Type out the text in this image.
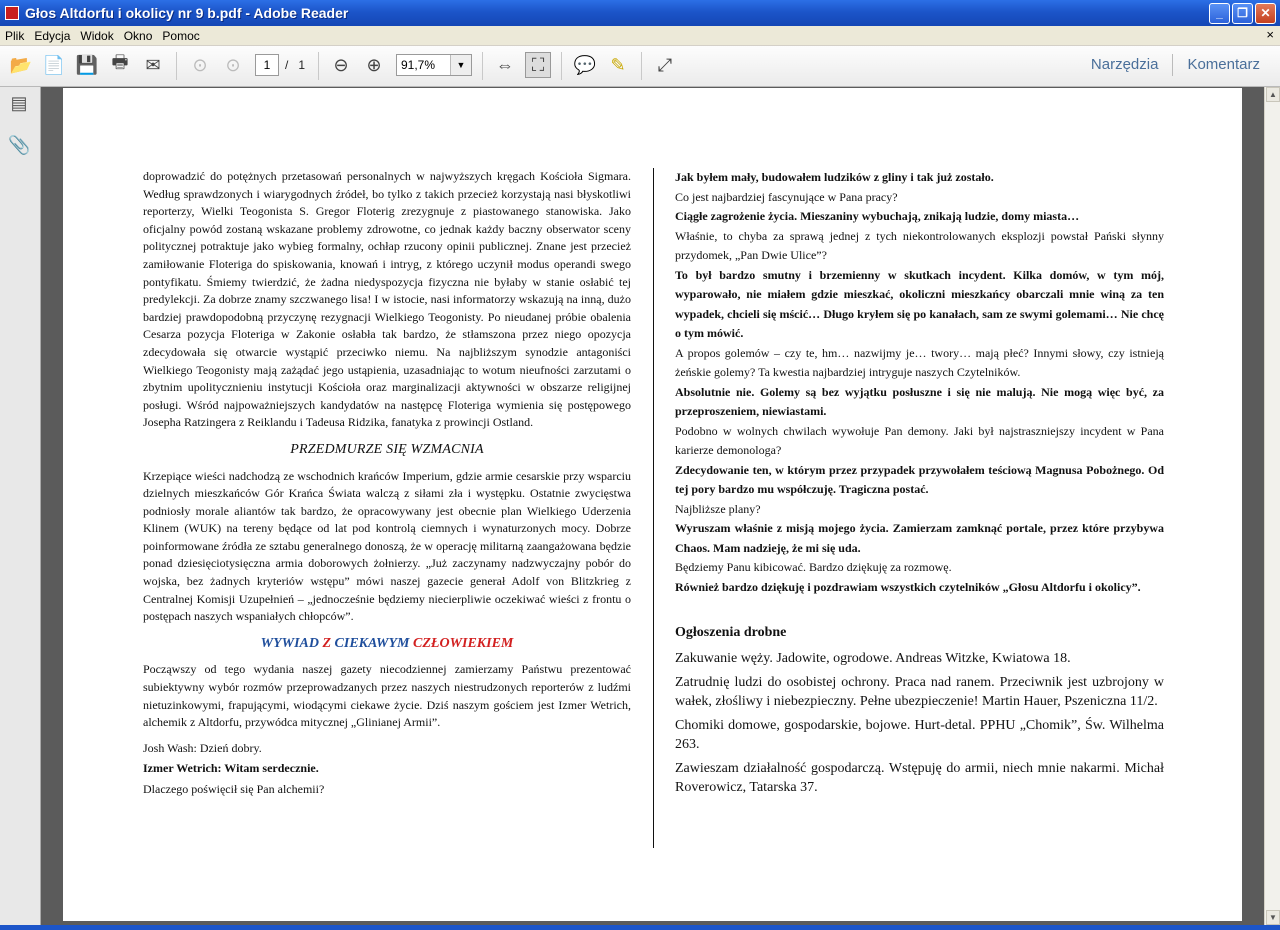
Głos Altdorfu i okolicy nr 9 b.pdf - Adobe Reader	_	❐	✕
Plik Edycja Widok Okno Pomoc	×
📂 📄 💾 🖶 ✉	⊙ ⊙	1	/ 1	⊖ ⊕	91,7%	▼	⇔ ⛶	💬 ✎	⤢	Narzędzia	Komentarz
▤
📎

doprowadzić do potężnych przetasowań personalnych w najwyższych kręgach Kościoła Sigmara. Według sprawdzonych i wiarygodnych źródeł, bo tylko z takich przecież korzystają nasi błyskotliwi reporterzy, Wielki Teogonista S. Gregor Floterig zrezygnuje z piastowanego stanowiska. Jako oficjalny powód zostaną wskazane problemy zdrowotne, co jednak każdy baczny obserwator sceny politycznej potraktuje jako wybieg formalny, ochłap rzucony opinii publicznej. Znane jest przecież zamiłowanie Floteriga do spiskowania, knowań i intryg, z którego uczynił modus operandi swego pontyfikatu. Śmiemy twierdzić, że żadna niedyspozycja fizyczna nie byłaby w stanie osłabić tej predylekcji. Za dobrze znamy szczwanego lisa! I w istocie, nasi informatorzy wskazują na inną, dużo bardziej prawdopodobną przyczynę rezygnacji Wielkiego Teogonisty. Po nieudanej próbie obalenia Cesarza pozycja Floteriga w Zakonie osłabła tak bardzo, że stłamszona przez niego opozycja zdecydowała się otwarcie wystąpić przeciwko niemu. Na najbliższym synodzie antagoniści Wielkiego Teogonisty mają zażądać jego ustąpienia, uzasadniając to wotum nieufności zarzutami o zbytnim upolitycznieniu instytucji Kościoła oraz marginalizacji aktywności w obszarze religijnej posługi. Wśród najpoważniejszych kandydatów na następcę Floteriga wymienia się postępowego Josepha Ratzingera z Reiklandu i Tadeusa Ridzika, fanatyka z prowincji Ostland.

PRZEDMURZE SIĘ WZMACNIA

Krzepiące wieści nadchodzą ze wschodnich krańców Imperium, gdzie armie cesarskie przy wsparciu dzielnych mieszkańców Gór Krańca Świata walczą z siłami zła i występku. Ostatnie zwycięstwa podniosły morale aliantów tak bardzo, że opracowywany jest obecnie plan Wielkiego Uderzenia Klinem (WUK) na tereny będące od lat pod kontrolą ciemnych i wynaturzonych mocy. Dobrze poinformowane źródła ze sztabu generalnego donoszą, że w operację militarną zaangażowana będzie ponad dziesięciotysięczna armia doborowych żołnierzy. „Już zaczynamy nadzwyczajny pobór do wojska, bez żadnych kryteriów wstępu” mówi naszej gazecie generał Adolf von Blitzkrieg z Centralnej Komisji Uzupełnień – „jednocześnie będziemy niecierpliwie oczekiwać wieści z frontu o postępach naszych wspaniałych chłopców”.

WYWIAD Z CIEKAWYM CZŁOWIEKIEM

Począwszy od tego wydania naszej gazety niecodziennej zamierzamy Państwu prezentować subiektywny wybór rozmów przeprowadzanych przez naszych niestrudzonych reporterów z ludźmi nietuzinkowymi, frapującymi, wiodącymi ciekawe życie. Dziś naszym gościem jest Izmer Wetrich, alchemik z Altdorfu, przywódca mitycznej „Glinianej Armii”.

Josh Wash: Dzień dobry.

Izmer Wetrich: Witam serdecznie.

Dlaczego poświęcił się Pan alchemii?

Jak byłem mały, budowałem ludzików z gliny i tak już zostało.

Co jest najbardziej fascynujące w Pana pracy?

Ciągłe zagrożenie życia. Mieszaniny wybuchają, znikają ludzie, domy miasta…

Właśnie, to chyba za sprawą jednej z tych niekontrolowanych eksplozji powstał Pański słynny przydomek, „Pan Dwie Ulice”?

To był bardzo smutny i brzemienny w skutkach incydent. Kilka domów, w tym mój, wyparowało, nie miałem gdzie mieszkać, okoliczni mieszkańcy obarczali mnie winą za ten wypadek, chcieli się mścić… Długo kryłem się po kanałach, sam ze swymi golemami… Nie chcę o tym mówić.

A propos golemów – czy te, hm… nazwijmy je… twory… mają płeć? Innymi słowy, czy istnieją żeńskie golemy? Ta kwestia najbardziej intryguje naszych Czytelników.

Absolutnie nie. Golemy są bez wyjątku posłuszne i się nie malują. Nie mogą więc być, za przeproszeniem, niewiastami.

Podobno w wolnych chwilach wywołuje Pan demony. Jaki był najstraszniejszy incydent w Pana karierze demonologa?

Zdecydowanie ten, w którym przez przypadek przywołałem teściową Magnusa Pobożnego. Od tej pory bardzo mu współczuję. Tragiczna postać.

Najbliższe plany?

Wyruszam właśnie z misją mojego życia. Zamierzam zamknąć portale, przez które przybywa Chaos. Mam nadzieję, że mi się uda.

Będziemy Panu kibicować. Bardzo dziękuję za rozmowę.

Również bardzo dziękuję i pozdrawiam wszystkich czytelników „Głosu Altdorfu i okolicy”.

Ogłoszenia drobne

Zakuwanie węży. Jadowite, ogrodowe. Andreas Witzke, Kwiatowa 18.

Zatrudnię ludzi do osobistej ochrony. Praca nad ranem. Przeciwnik jest uzbrojony w wałek, złośliwy i niebezpieczny. Pełne ubezpieczenie! Martin Hauer, Pszeniczna 11/2.

Chomiki domowe, gospodarskie, bojowe. Hurt-detal. PPHU „Chomik”, Św. Wilhelma 263.

Zawieszam działalność gospodarczą. Wstępuję do armii, niech mnie nakarmi. Michał Roverowicz, Tatarska 37.

▲
▼
